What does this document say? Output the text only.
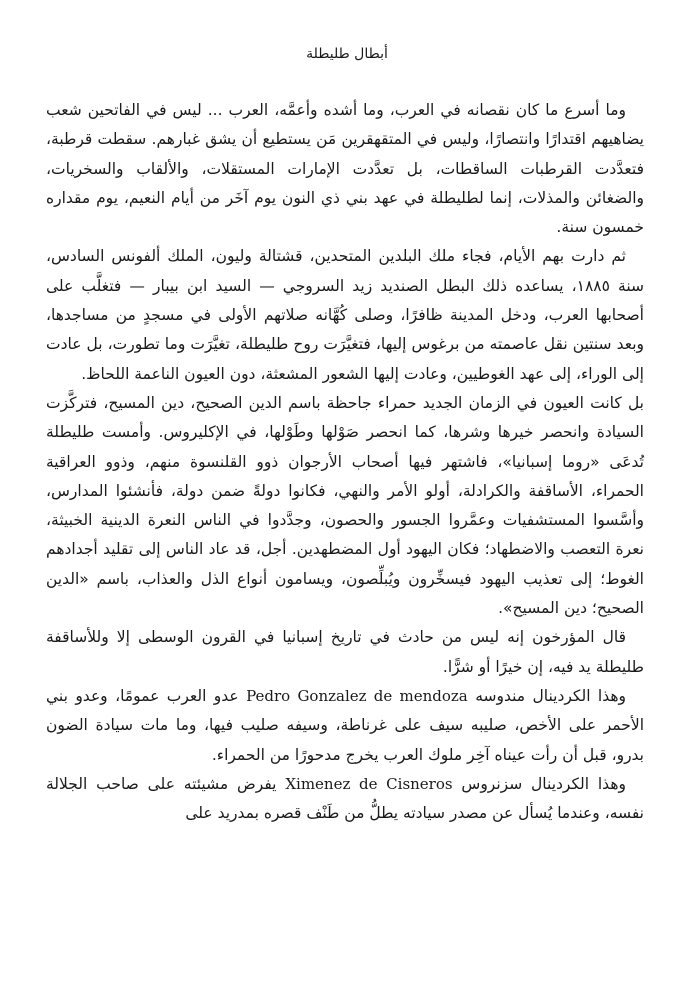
أبطال طليطلة

وما أسرع ما كان نقصانه في العرب، وما أشده وأعمَّه، العرب ... ليس في الفاتحين شعب يضاهيهم اقتدارًا وانتصارًا، وليس في المتقهقرين مَن يستطيع أن يشق غبارهم. سقطت قرطبة، فتعدَّدت القرطبات الساقطات، بل تعدَّدت الإمارات المستقلات، والألقاب والسخريات، والضغائن والمذلات، إنما لطليطلة في عهد بني ذي النون يوم آخَر من أيام النعيم، يوم مقداره خمسون سنة.

ثم دارت بهم الأيام، فجاء ملك البلدين المتحدين، قشتالة وليون، الملك ألفونس السادس، سنة ١٨٨٥، يساعده ذلك البطل الصنديد زيد السروجي — السيد ابن بيبار — فتغلَّب على أصحابها العرب، ودخل المدينة ظافرًا، وصلى كُهَّانه صلاتهم الأولى في مسجدٍ من مساجدها، وبعد سنتين نقل عاصمته من برغوس إليها، فتغيَّرَت روح طليطلة، تغيَّرَت وما تطورت، بل عادت إلى الوراء، إلى عهد الغوطيين، وعادت إليها الشعور المشعثة، دون العيون الناعمة اللحاظ.

بل كانت العيون في الزمان الجديد حمراء جاحظة باسم الدين الصحيح، دين المسيح، فتركَّزت السيادة وانحصر خيرها وشرها، كما انحصر صَوْلها وطَوْلها، في الإكليروس. وأمست طليطلة تُدعَى «روما إسبانيا»، فاشتهر فيها أصحاب الأرجوان ذوو القلنسوة منهم، وذوو العراقية الحمراء، الأساقفة والكرادلة، أولو الأمر والنهي، فكانوا دولةً ضمن دولة، فأنشئوا المدارس، وأسَّسوا المستشفيات وعمَّروا الجسور والحصون، وجدَّدوا في الناس النعرة الدينية الخبيثة، نعرة التعصب والاضطهاد؛ فكان اليهود أول المضطهدين. أجل، قد عاد الناس إلى تقليد أجدادهم الغوط؛ إلى تعذيب اليهود فيسخِّرون ويُبلِّصون، ويسامون أنواع الذل والعذاب، باسم «الدين الصحيح؛ دين المسيح».

قال المؤرخون إنه ليس من حادث في تاريخ إسبانيا في القرون الوسطى إلا وللأساقفة طليطلة يد فيه، إن خيرًا أو شرًّا.

وهذا الكردينال مندوسه Pedro Gonzalez de mendoza عدو العرب عمومًا، وعدو بني الأحمر على الأخص، صليبه سيف على غرناطة، وسيفه صليب فيها، وما مات سيادة الضون بدرو، قبل أن رأت عيناه آخِر ملوك العرب يخرج مدحورًا من الحمراء.

وهذا الكردينال سزنروس Ximenez de Cisneros يفرض مشيئته على صاحب الجلالة نفسه، وعندما يُسأل عن مصدر سيادته يطلُّ من طَنْف قصره بمدريد على
